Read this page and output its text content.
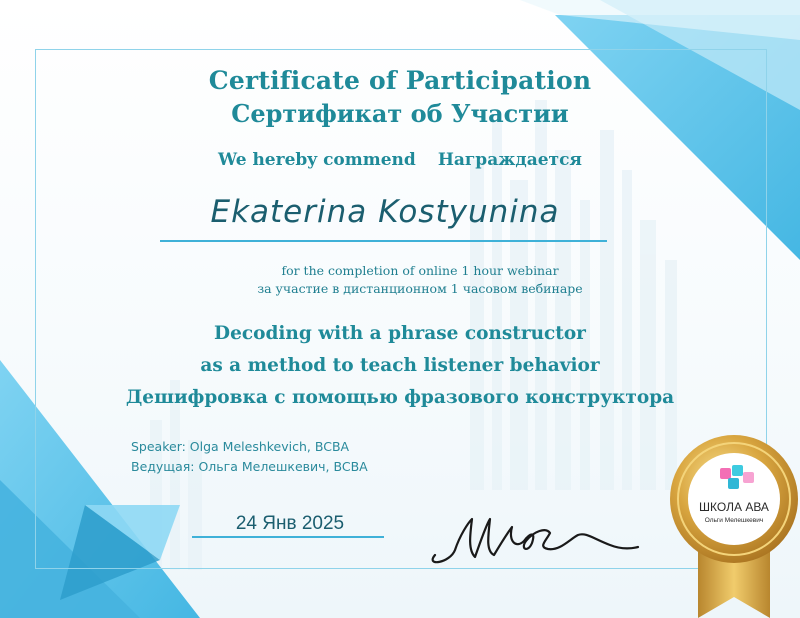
Certificate of Participation
Сертификат об Участии
We hereby commend Награждается
Ekaterina Kostyunina
for the completion of online 1 hour webinar
за участие в дистанционном 1 часовом вебинаре
Decoding with a phrase constructor
as a method to teach listener behavior
Дешифровка с помощью фразового конструктора
Speaker: Olga Meleshkevich, BCBA
Ведущая: Ольга Мелешкевич, BCBA
24 Янв 2025
ШКОЛА АВА
Ольги Мелешкевич
